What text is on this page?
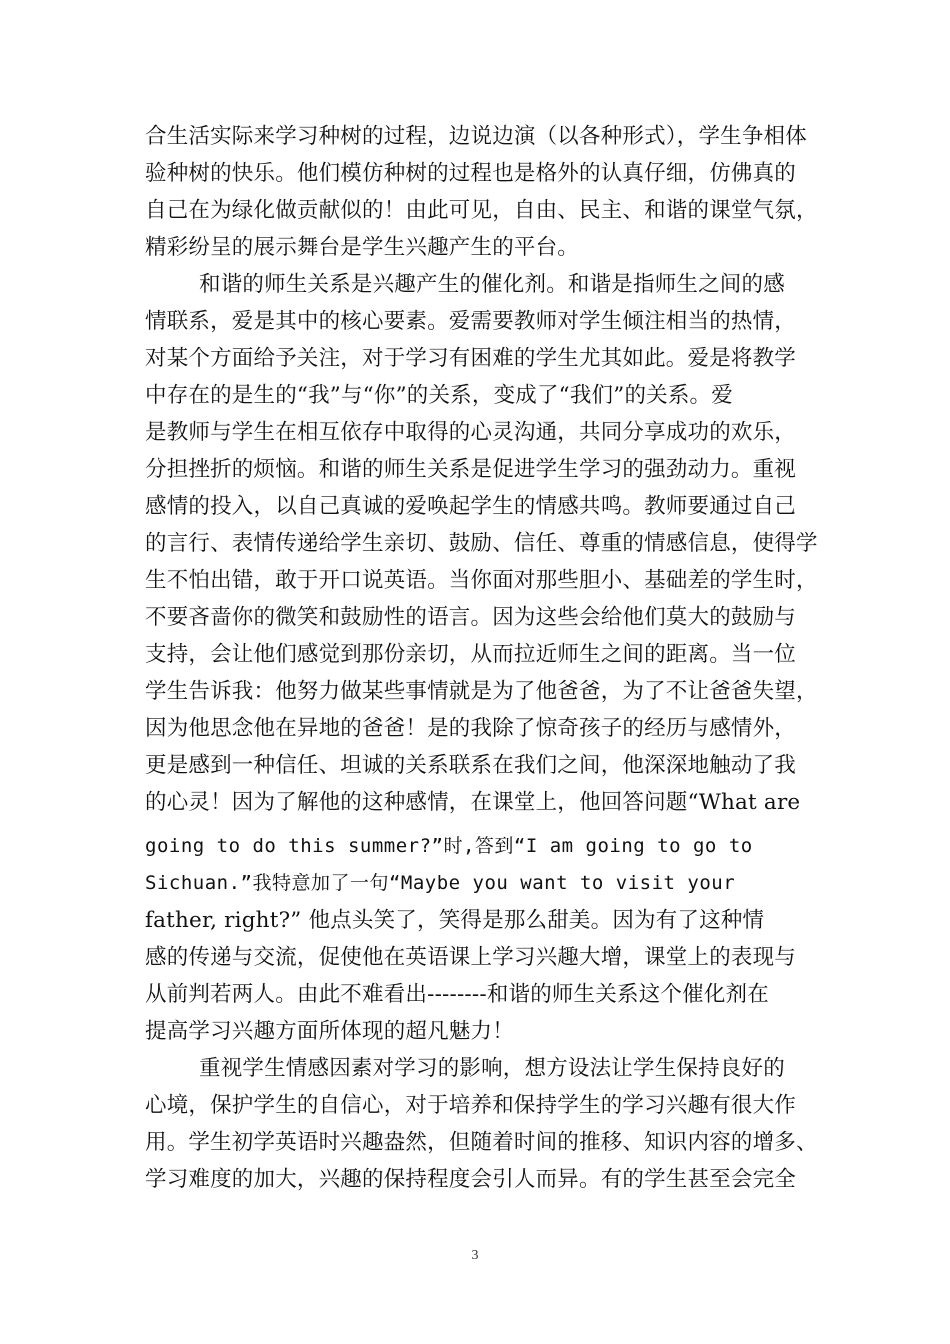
合生活实际来学习种树的过程，边说边演（以各种形式），学生争相体
验种树的快乐。他们模仿种树的过程也是格外的认真仔细，仿佛真的
自己在为绿化做贡献似的！由此可见，自由、民主、和谐的课堂气氛，
精彩纷呈的展示舞台是学生兴趣产生的平台。
和谐的师生关系是兴趣产生的催化剂。和谐是指师生之间的感
情联系，爱是其中的核心要素。爱需要教师对学生倾注相当的热情，
对某个方面给予关注，对于学习有困难的学生尤其如此。爱是将教学
中存在的是生的“我”与“你”的关系，变成了“我们”的关系。爱
是教师与学生在相互依存中取得的心灵沟通，共同分享成功的欢乐，
分担挫折的烦恼。和谐的师生关系是促进学生学习的强劲动力。重视
感情的投入，以自己真诚的爱唤起学生的情感共鸣。教师要通过自己
的言行、表情传递给学生亲切、鼓励、信任、尊重的情感信息，使得学
生不怕出错，敢于开口说英语。当你面对那些胆小、基础差的学生时，
不要吝啬你的微笑和鼓励性的语言。因为这些会给他们莫大的鼓励与
支持，会让他们感觉到那份亲切，从而拉近师生之间的距离。当一位
学生告诉我：他努力做某些事情就是为了他爸爸，为了不让爸爸失望，
因为他思念他在异地的爸爸！是的我除了惊奇孩子的经历与感情外，
更是感到一种信任、坦诚的关系联系在我们之间，他深深地触动了我
的心灵！因为了解他的这种感情，在课堂上，他回答问题“What are
going to do this summer?”时,答到“I am going to go to
Sichuan.”我特意加了一句“Maybe you want to visit your
father, right?” 他点头笑了，笑得是那么甜美。因为有了这种情
感的传递与交流，促使他在英语课上学习兴趣大增，课堂上的表现与
从前判若两人。由此不难看出--------和谐的师生关系这个催化剂在
提高学习兴趣方面所体现的超凡魅力！
重视学生情感因素对学习的影响，想方设法让学生保持良好的
心境，保护学生的自信心，对于培养和保持学生的学习兴趣有很大作
用。学生初学英语时兴趣盎然，但随着时间的推移、知识内容的增多、
学习难度的加大，兴趣的保持程度会引人而异。有的学生甚至会完全
3
